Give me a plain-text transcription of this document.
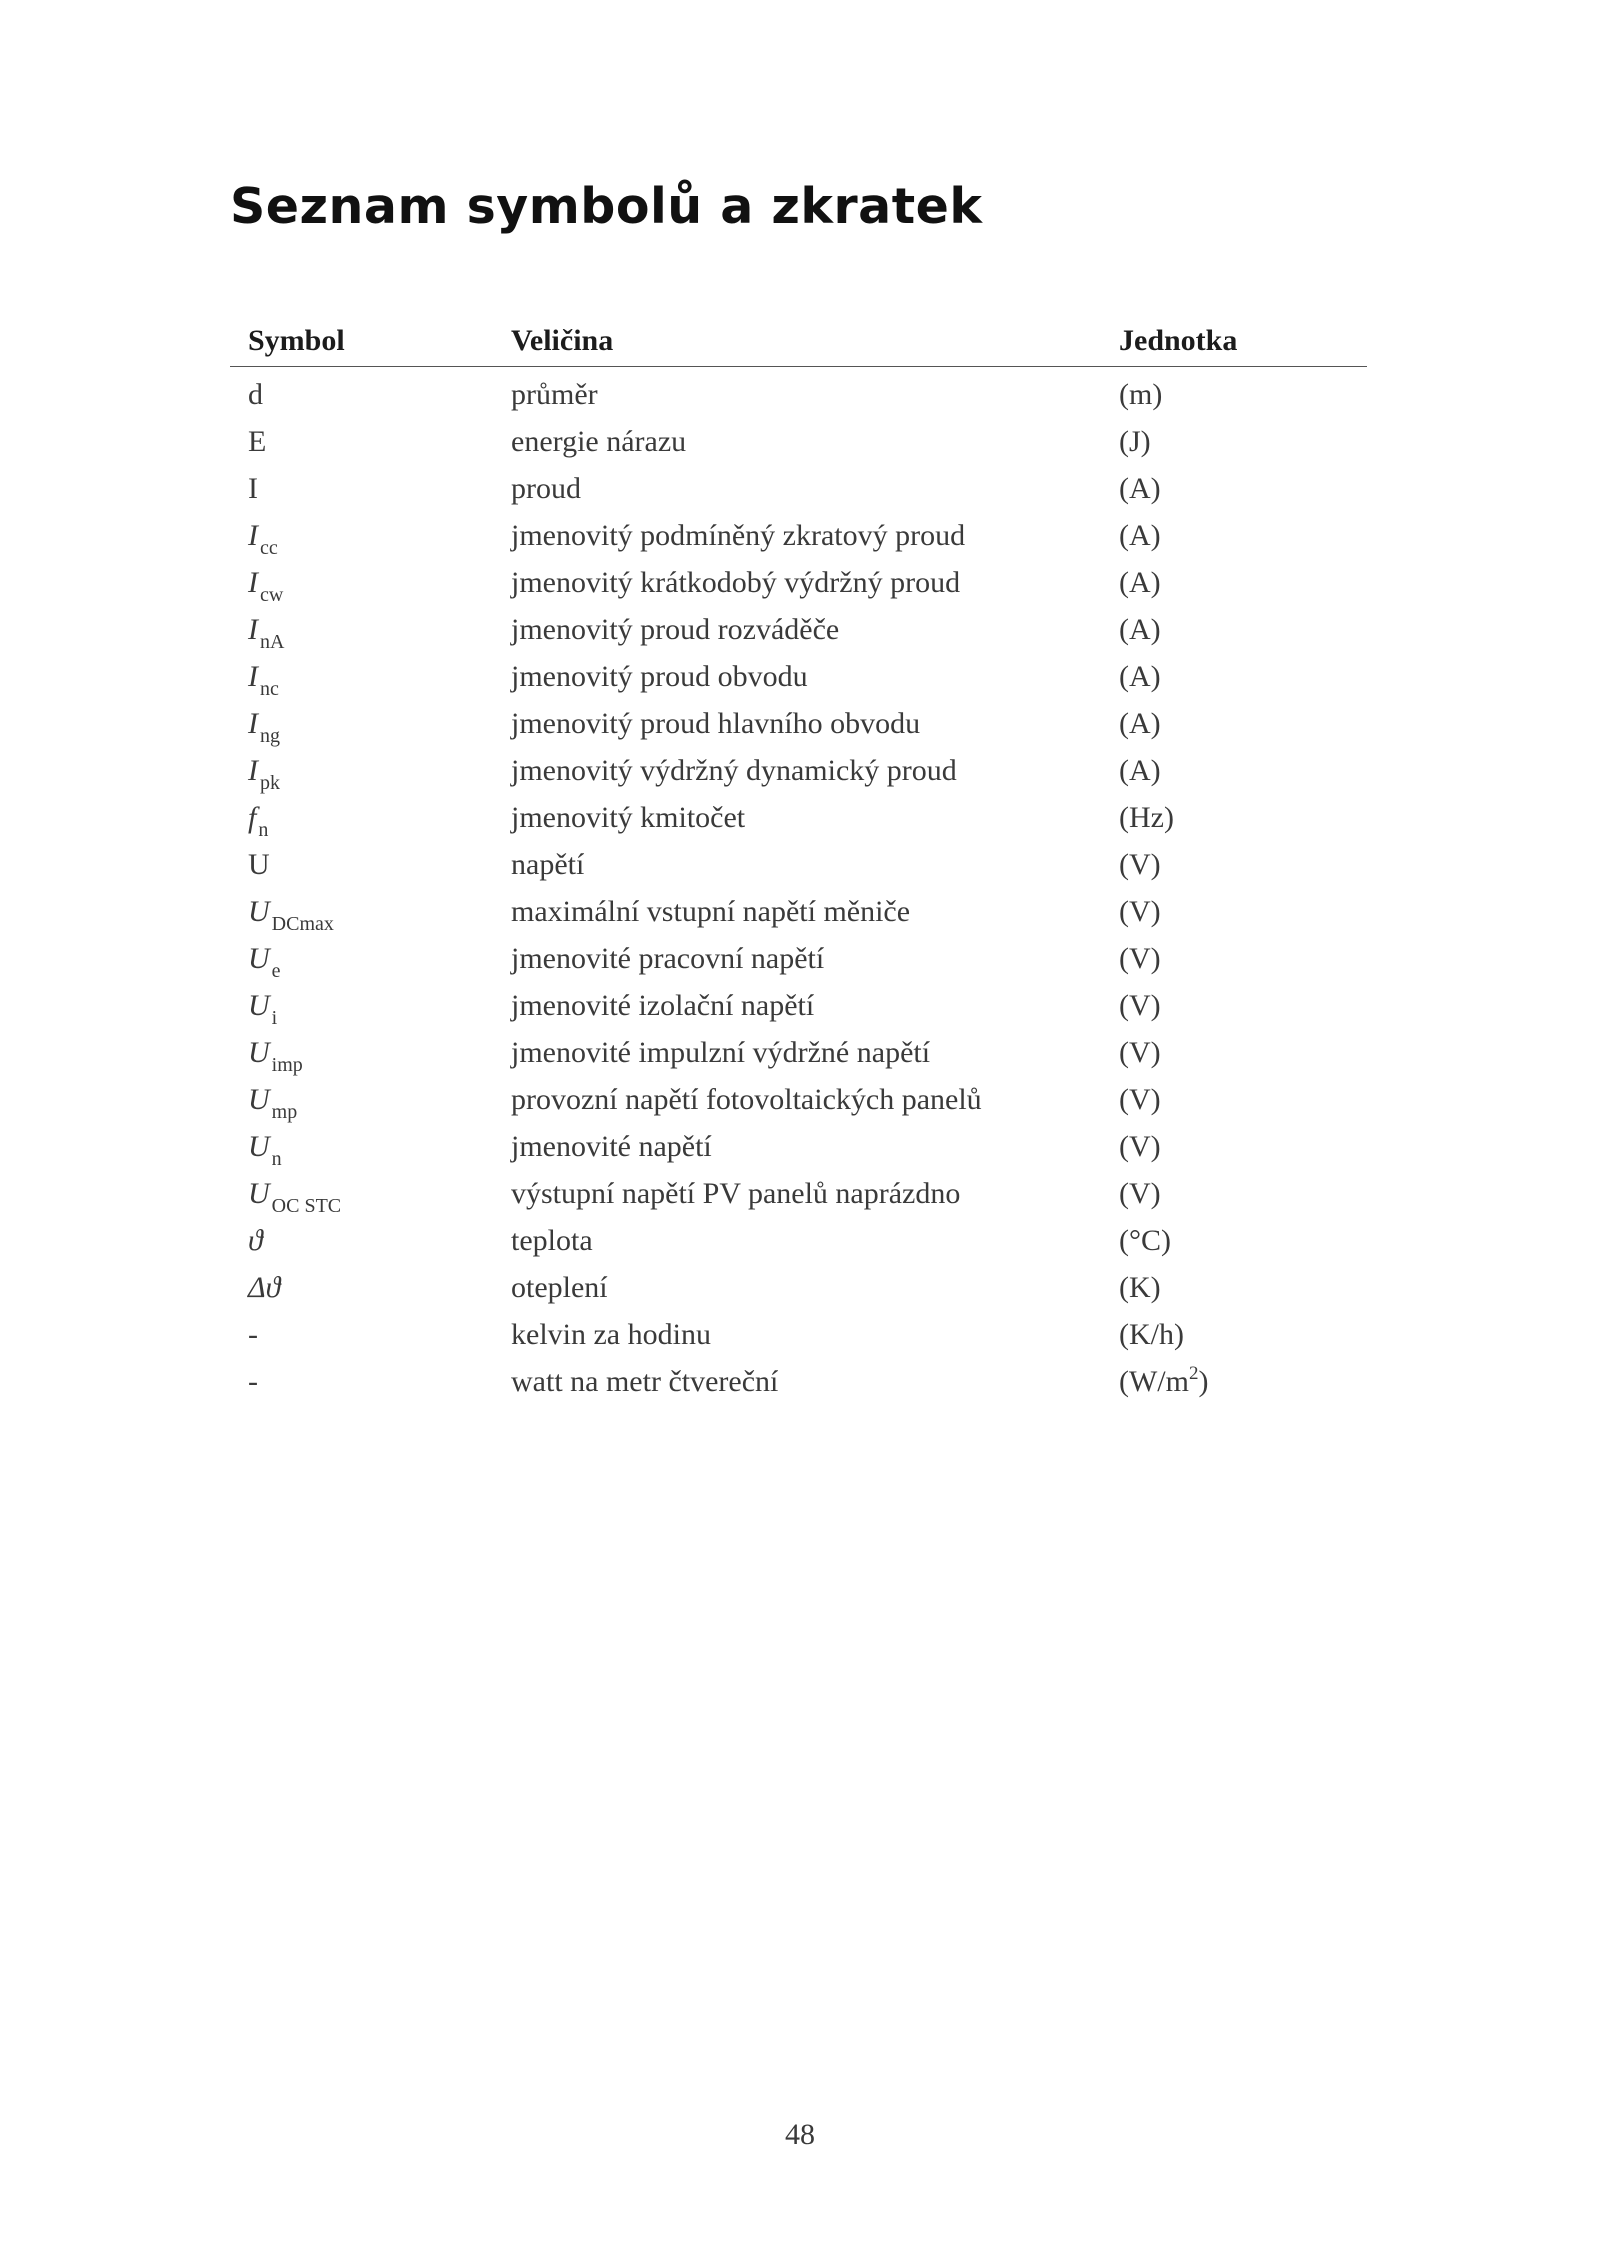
Seznam symbolů a zkratek
Symbol	Veličina	Jednotka
d	průměr	(m)
E	energie nárazu	(J)
I	proud	(A)
I $_{cc}$	jmenovitý podmíněný zkratový proud	(A)
I $_{cw}$	jmenovitý krátkodobý výdržný proud	(A)
I $_{nA}$	jmenovitý proud rozváděče	(A)
I $_{nc}$	jmenovitý proud obvodu	(A)
I $_{ng}$	jmenovitý proud hlavního obvodu	(A)
I $_{pk}$	jmenovitý výdržný dynamický proud	(A)
f $_n$	jmenovitý kmitočet	(Hz)
U	napětí	(V)
U $_{DCmax}$	maximální vstupní napětí měniče	(V)
U $_e$	jmenovité pracovní napětí	(V)
U $_i$	jmenovité izolační napětí	(V)
U $_{imp}$	jmenovité impulzní výdržné napětí	(V)
U $_{mp}$	provozní napětí fotovoltaických panelů	(V)
U $_n$	jmenovité napětí	(V)
U $_{OC STC}$	výstupní napětí PV panelů naprázdno	(V)
ϑ	teplota	(°C)
Δϑ	oteplení	(K)
-	kelvin za hodinu	(K/h)
-	watt na metr čtvereční	$(W/m^2)$
48
